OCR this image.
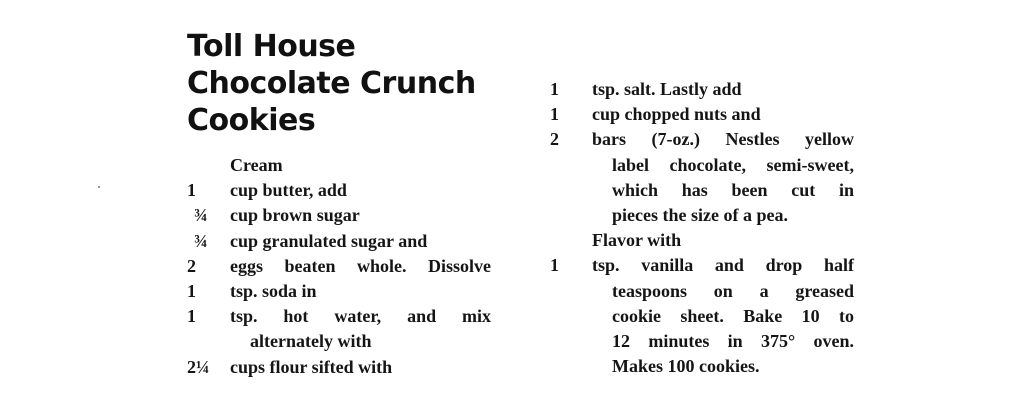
Toll House
Chocolate Crunch
Cookies
Cream
1 cup butter, add
¾ cup brown sugar
¾ cup granulated sugar and
2 eggs beaten whole. Dissolve
1 tsp. soda in
1 tsp. hot water, and mix
alternately with
2¼ cups flour sifted with
1 tsp. salt. Lastly add
1 cup chopped nuts and
2 bars (7-oz.) Nestles yellow
label chocolate, semi-sweet,
which has been cut in
pieces the size of a pea.
Flavor with
1 tsp. vanilla and drop half
teaspoons on a greased
cookie sheet. Bake 10 to
12 minutes in 375° oven.
Makes 100 cookies.
